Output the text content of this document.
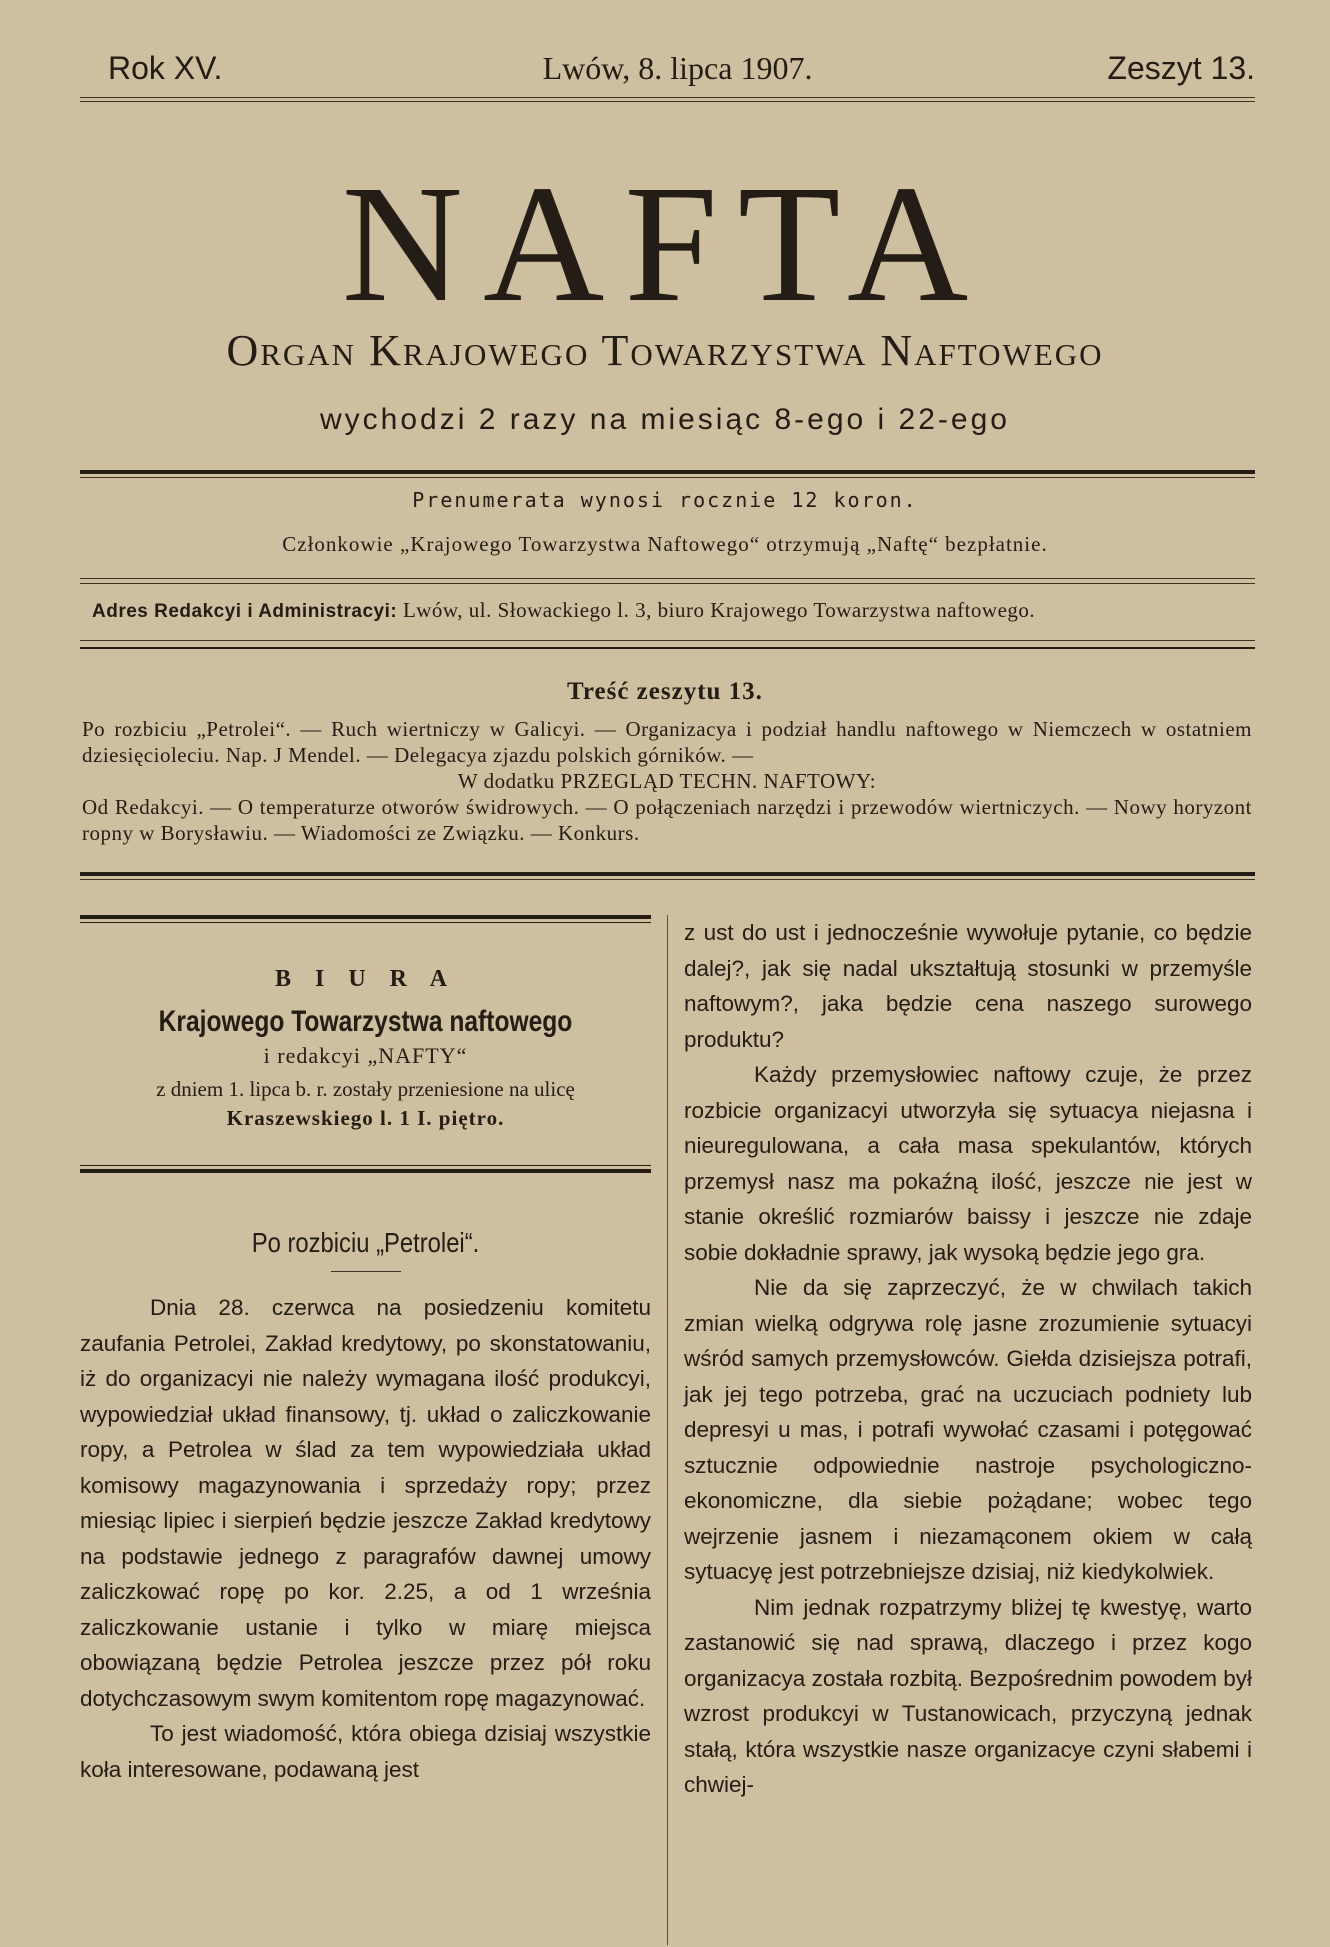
Rok XV.	Lwów, 8. lipca 1907.	Zeszyt 13.
NAFTA
Organ Krajowego Towarzystwa Naftowego
wychodzi 2 razy na miesiąc 8-ego i 22-ego
Prenumerata wynosi rocznie 12 koron.
Członkowie „Krajowego Towarzystwa Naftowego“ otrzymują „Naftę“ bezpłatnie.
Adres Redakcyi i Administracyi: Lwów, ul. Słowackiego l. 3, biuro Krajowego Towarzystwa naftowego.
Treść zeszytu 13.

Po rozbiciu „Petrolei“. — Ruch wiertniczy w Galicyi. — Organizacya i podział handlu naftowego w Niemczech w ostatniem dziesięcioleciu. Nap. J Mendel. — Delegacya zjazdu polskich górników. —

W dodatku PRZEGLĄD TECHN. NAFTOWY:

Od Redakcyi. — O temperaturze otworów świdrowych. — O połączeniach narzędzi i przewodów wiertniczych. — Nowy horyzont ropny w Borysławiu. — Wiadomości ze Związku. — Konkurs.

B I U R A
Krajowego Towarzystwa naftowego
i redakcyi „NAFTY“
z dniem 1. lipca b. r. zostały przeniesione na ulicę
Kraszewskiego l. 1 I. piętro.
Po rozbiciu „Petrolei“.

Dnia 28. czerwca na posiedzeniu komitetu zaufania Petrolei, Zakład kredytowy, po skonstatowaniu, iż do organizacyi nie należy wymagana ilość produkcyi, wypowiedział układ finansowy, tj. układ o zaliczkowanie ropy, a Petrolea w ślad za tem wypowiedziała układ komisowy magazynowania i sprzedaży ropy; przez miesiąc lipiec i sierpień będzie jeszcze Zakład kredytowy na podstawie jednego z paragrafów dawnej umowy zaliczkować ropę po kor. 2.25, a od 1 września zaliczkowanie ustanie i tylko w miarę miejsca obowiązaną będzie Petrolea jeszcze przez pół roku dotychczasowym swym komitentom ropę magazynować.

To jest wiadomość, która obiega dzisiaj wszystkie koła interesowane, podawaną jest

z ust do ust i jednocześnie wywołuje pytanie, co będzie dalej?, jak się nadal ukształtują stosunki w przemyśle naftowym?, jaka będzie cena naszego surowego produktu?

Każdy przemysłowiec naftowy czuje, że przez rozbicie organizacyi utworzyła się sytuacya niejasna i nieuregulowana, a cała masa spekulantów, których przemysł nasz ma pokaźną ilość, jeszcze nie jest w stanie określić rozmiarów baissy i jeszcze nie zdaje sobie dokładnie sprawy, jak wysoką będzie jego gra.

Nie da się zaprzeczyć, że w chwilach takich zmian wielką odgrywa rolę jasne zrozumienie sytuacyi wśród samych przemysłowców. Giełda dzisiejsza potrafi, jak jej tego potrzeba, grać na uczuciach podniety lub depresyi u mas, i potrafi wywołać czasami i potęgować sztucznie odpowiednie nastroje psychologiczno-ekonomiczne, dla siebie pożądane; wobec tego wejrzenie jasnem i niezamąconem okiem w całą sytuacyę jest potrzebniejsze dzisiaj, niż kiedykolwiek.

Nim jednak rozpatrzymy bliżej tę kwestyę, warto zastanowić się nad sprawą, dlaczego i przez kogo organizacya została rozbitą. Bezpośrednim powodem był wzrost produkcyi w Tustanowicach, przyczyną jednak stałą, która wszystkie nasze organizacye czyni słabemi i chwiej-
